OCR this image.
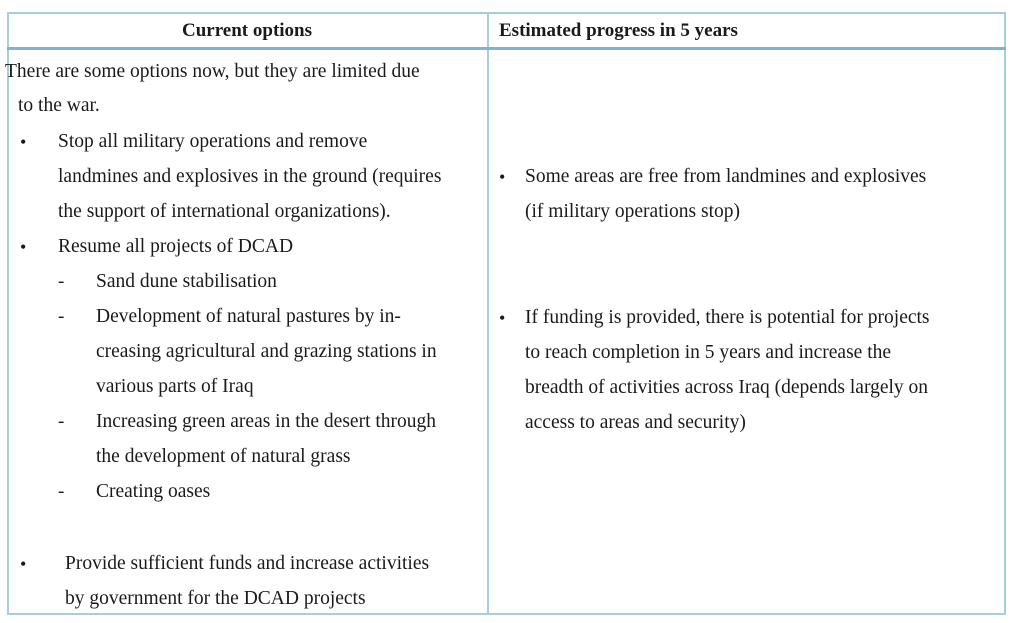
Current options	Estimated progress in 5 years
There are some options now, but they are limited due
to the war.
• Stop all military operations and remove
landmines and explosives in the ground (requires
the support of international organizations).
• Resume all projects of DCAD
- Sand dune stabilisation
- Development of natural pastures by in-
creasing agricultural and grazing stations in
various parts of Iraq
- Increasing green areas in the desert through
the development of natural grass
- Creating oases
• Provide sufficient funds and increase activities
by government for the DCAD projects
• Some areas are free from landmines and explosives
(if military operations stop)
• If funding is provided, there is potential for projects
to reach completion in 5 years and increase the
breadth of activities across Iraq (depends largely on
access to areas and security)
